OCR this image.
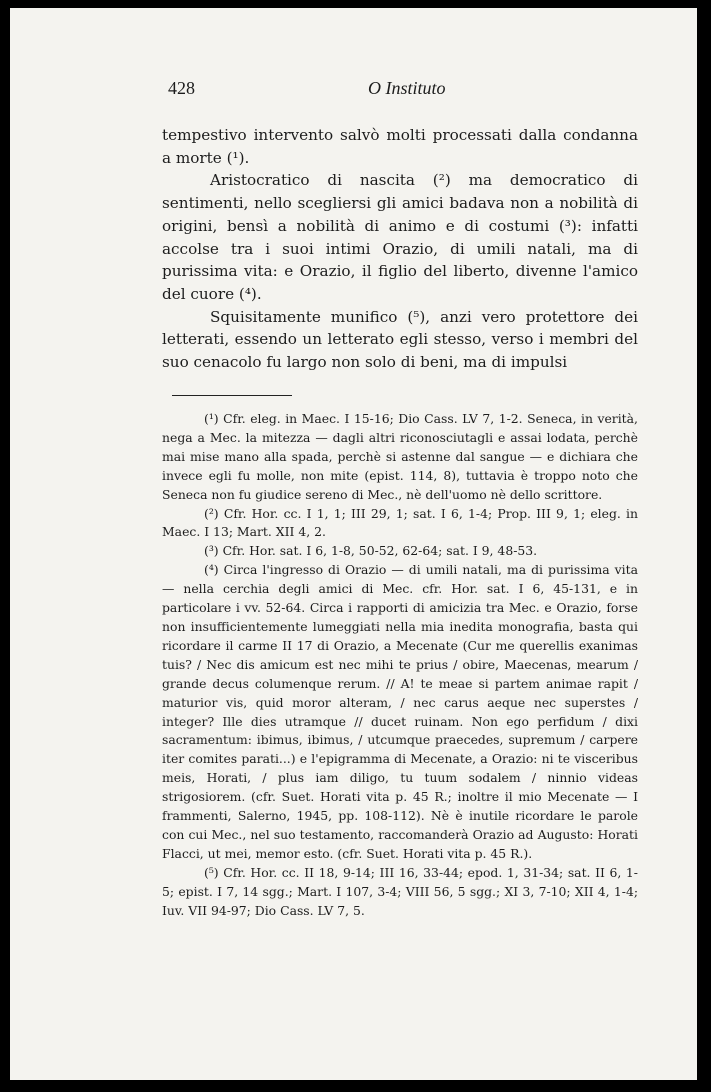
428	O Instituto

tempestivo intervento salvò molti processati dalla condanna a morte (¹).

Aristocratico di nascita (²) ma democratico di sentimenti, nello scegliersi gli amici badava non a nobilità di origini, bensì a nobilità di animo e di costumi (³): infatti accolse tra i suoi intimi Orazio, di umili natali, ma di purissima vita: e Orazio, il figlio del liberto, divenne l'amico del cuore (⁴).

Squisitamente munifico (⁵), anzi vero protettore dei letterati, essendo un letterato egli stesso, verso i membri del suo cenacolo fu largo non solo di beni, ma di impulsi

(¹) Cfr. eleg. in Maec. I 15-16; Dio Cass. LV 7, 1-2. Seneca, in verità, nega a Mec. la mitezza — dagli altri riconosciutagli e assai lodata, perchè mai mise mano alla spada, perchè si astenne dal sangue — e dichiara che invece egli fu molle, non mite (epist. 114, 8), tuttavia è troppo noto che Seneca non fu giudice sereno di Mec., nè dell'uomo nè dello scrittore.

(²) Cfr. Hor. cc. I 1, 1; III 29, 1; sat. I 6, 1-4; Prop. III 9, 1; eleg. in Maec. I 13; Mart. XII 4, 2.

(³) Cfr. Hor. sat. I 6, 1-8, 50-52, 62-64; sat. I 9, 48-53.

(⁴) Circa l'ingresso di Orazio — di umili natali, ma di purissima vita — nella cerchia degli amici di Mec. cfr. Hor. sat. I 6, 45-131, e in particolare i vv. 52-64. Circa i rapporti di amicizia tra Mec. e Orazio, forse non insufficientemente lumeggiati nella mia inedita monografia, basta qui ricordare il carme II 17 di Orazio, a Mecenate (Cur me querellis exanimas tuis? / Nec dis amicum est nec mihi te prius / obire, Maecenas, mearum / grande decus columenque rerum. // A! te meae si partem animae rapit / maturior vis, quid moror alteram, / nec carus aeque nec superstes / integer? Ille dies utramque // ducet ruinam. Non ego perfidum / dixi sacramentum: ibimus, ibimus, / utcumque praecedes, supremum / carpere iter comites parati...) e l'epigramma di Mecenate, a Orazio: ni te visceribus meis, Horati, / plus iam diligo, tu tuum sodalem / ninnio videas strigosiorem. (cfr. Suet. Horati vita p. 45 R.; inoltre il mio Mecenate — I frammenti, Salerno, 1945, pp. 108-112). Nè è inutile ricordare le parole con cui Mec., nel suo testamento, raccomanderà Orazio ad Augusto: Horati Flacci, ut mei, memor esto. (cfr. Suet. Horati vita p. 45 R.).

(⁵) Cfr. Hor. cc. II 18, 9-14; III 16, 33-44; epod. 1, 31-34; sat. II 6, 1-5; epist. I 7, 14 sgg.; Mart. I 107, 3-4; VIII 56, 5 sgg.; XI 3, 7-10; XII 4, 1-4; Iuv. VII 94-97; Dio Cass. LV 7, 5.
